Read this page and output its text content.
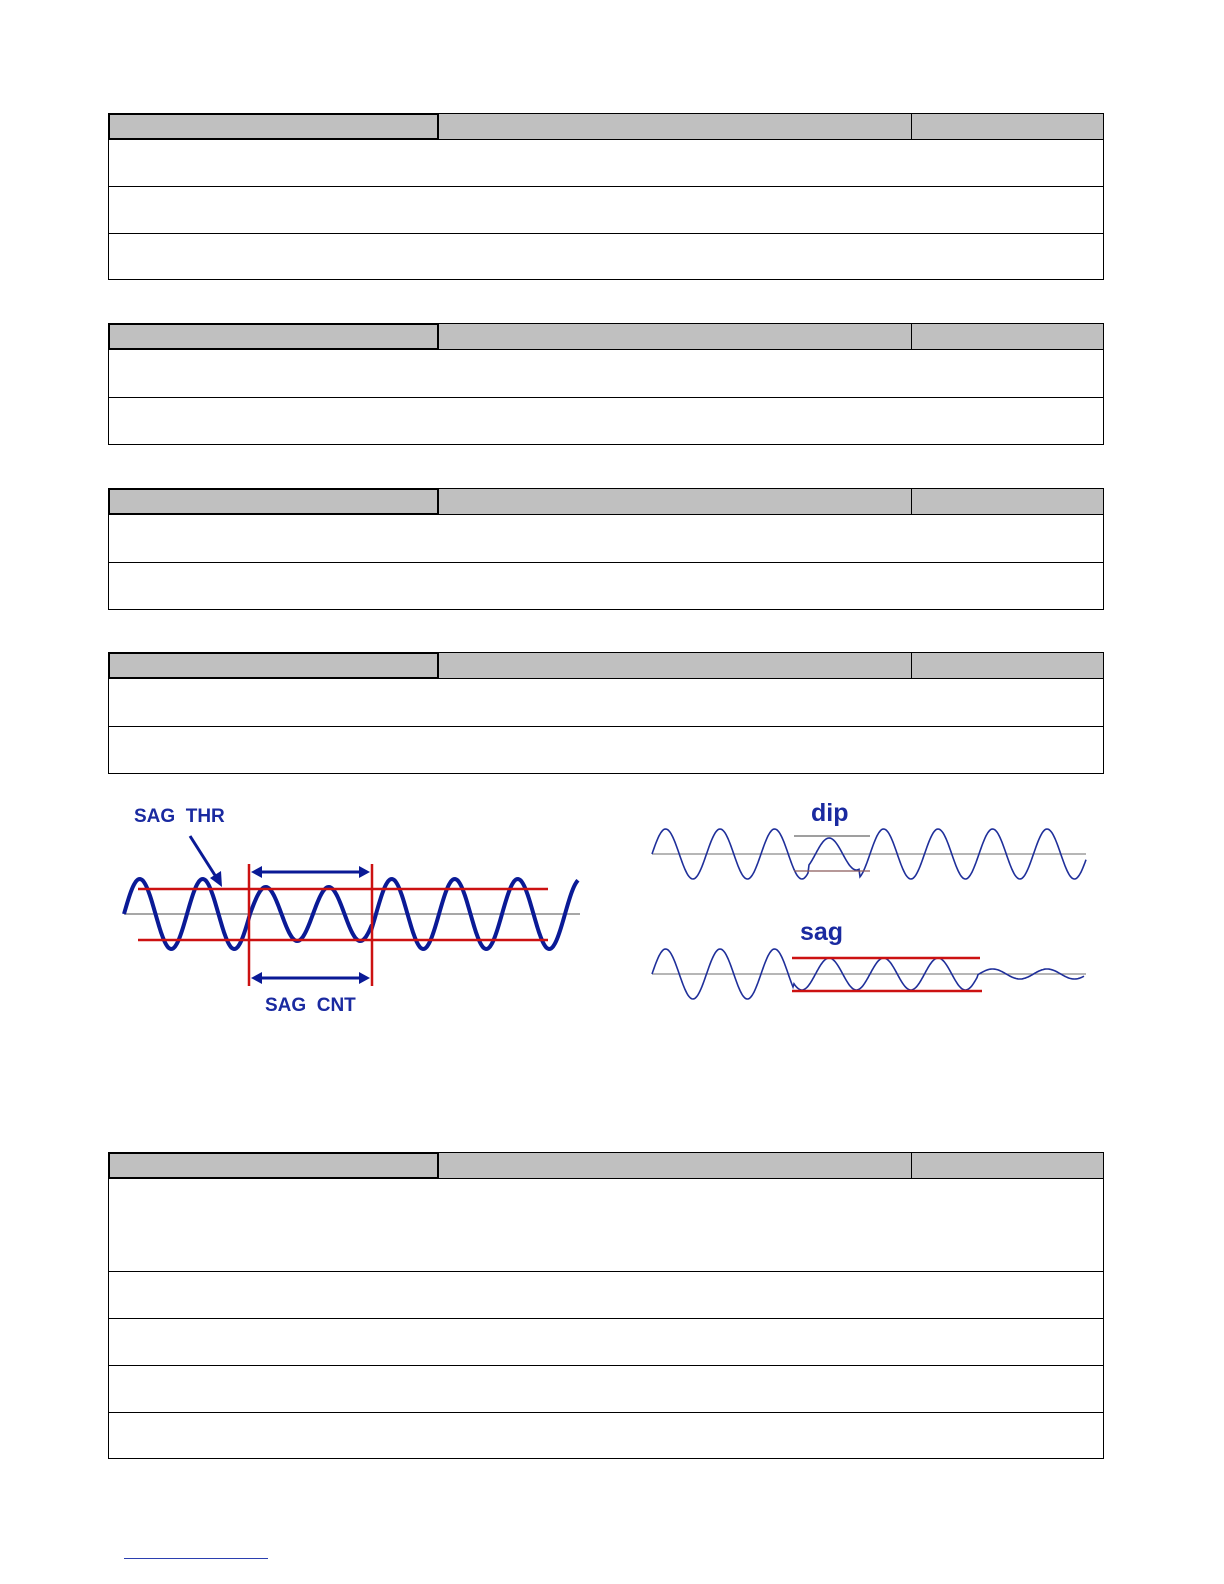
SAG  THR
SAG  CNT
dip
sag
